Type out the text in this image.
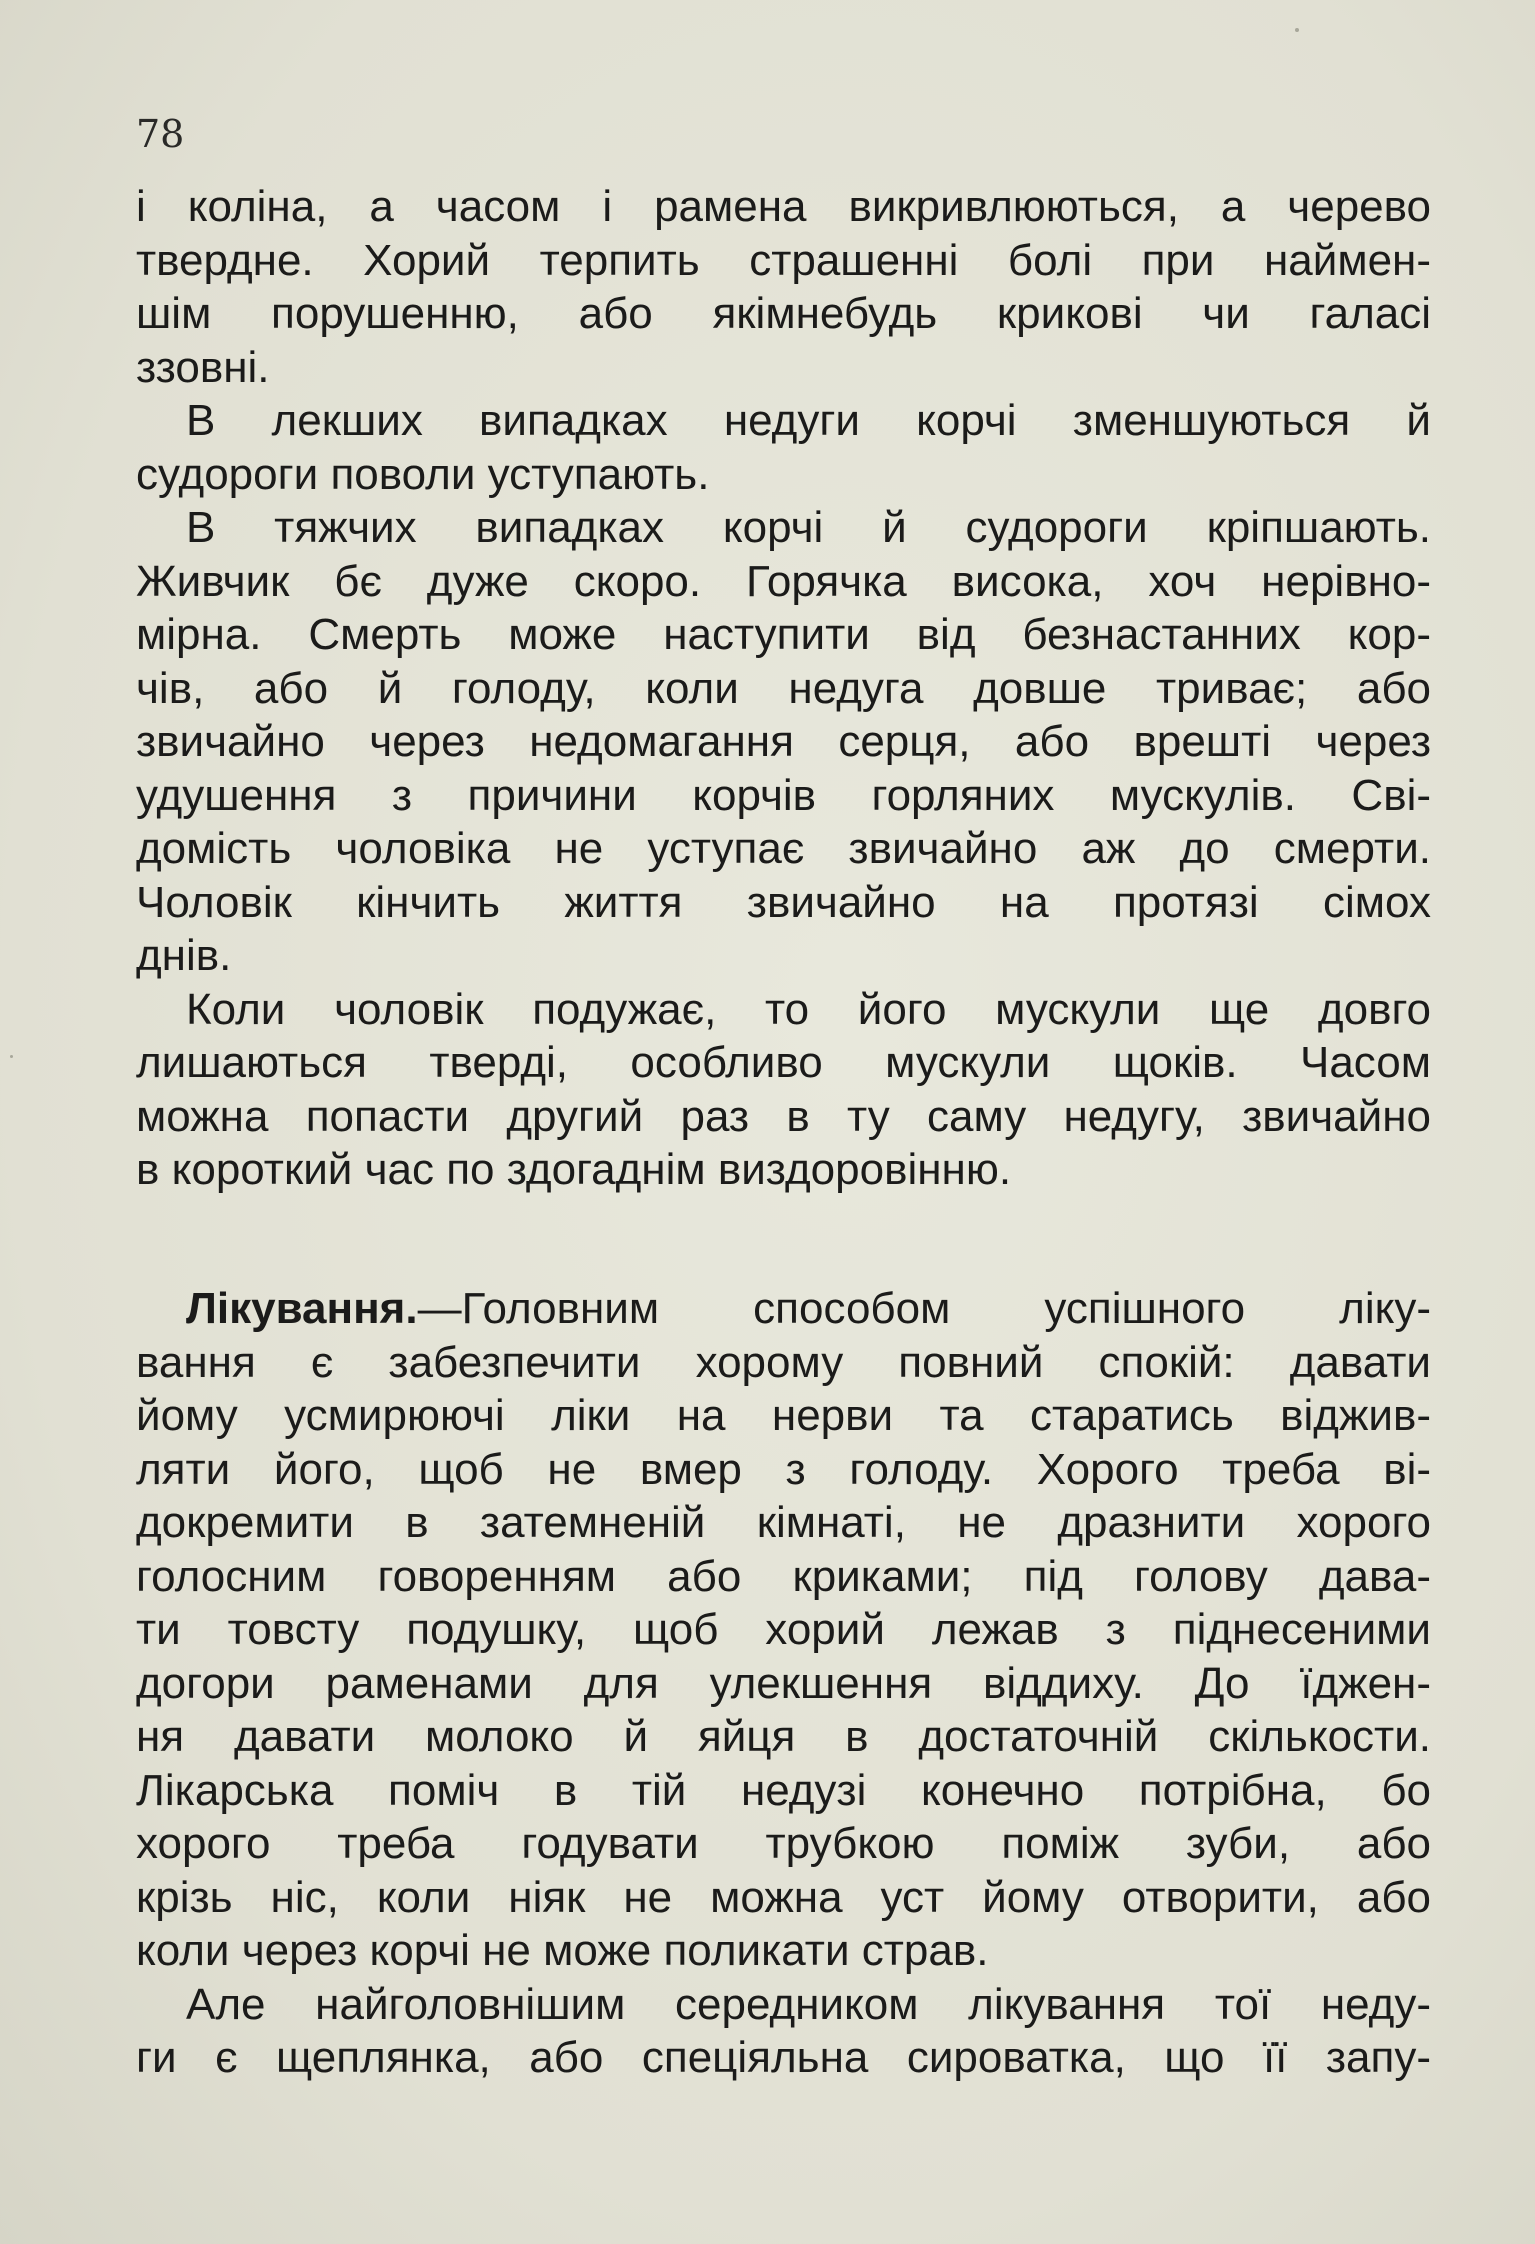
78
і коліна, а часом і рамена викривлюються, а черево
твердне. Хорий терпить страшенні болі при наймен-
шім порушенню, або якімнебудь крикові чи галасі
ззовні.
В лекших випадках недуги корчі зменшуються й
судороги поволи уступають.
В тяжчих випадках корчі й судороги кріпшають.
Живчик бє дуже скоро. Горячка висока, хоч нерівно-
мірна. Смерть може наступити від безнастанних кор-
чів, або й голоду, коли недуга довше триває; або
звичайно через недомагання серця, або врешті через
удушення з причини корчів горляних мускулів. Сві-
домість чоловіка не уступає звичайно аж до смерти.
Чоловік кінчить життя звичайно на протязі сімох
днів.
Коли чоловік подужає, то його мускули ще довго
лишаються тверді, особливо мускули щоків. Часом
можна попасти другий раз в ту саму недугу, звичайно
в короткий час по здогаднім виздоровінню.
Лікування.—Головним способом успішного ліку-
вання є забезпечити хорому повний спокій: давати
йому усмирюючі ліки на нерви та старатись віджив-
ляти його, щоб не вмер з голоду. Хорого треба ві-
докремити в затемненій кімнаті, не дразнити хорого
голосним говоренням або криками; під голову дава-
ти товсту подушку, щоб хорий лежав з піднесеними
догори раменами для улекшення віддиху. До їджен-
ня давати молоко й яйця в достаточній скількости.
Лікарська поміч в тій недузі конечно потрібна, бо
хорого треба годувати трубкою поміж зуби, або
крізь ніс, коли ніяк не можна уст йому отворити, або
коли через корчі не може поликати страв.
Але найголовнішим середником лікування тої неду-
ги є щеплянка, або спеціяльна сироватка, що її запу-
